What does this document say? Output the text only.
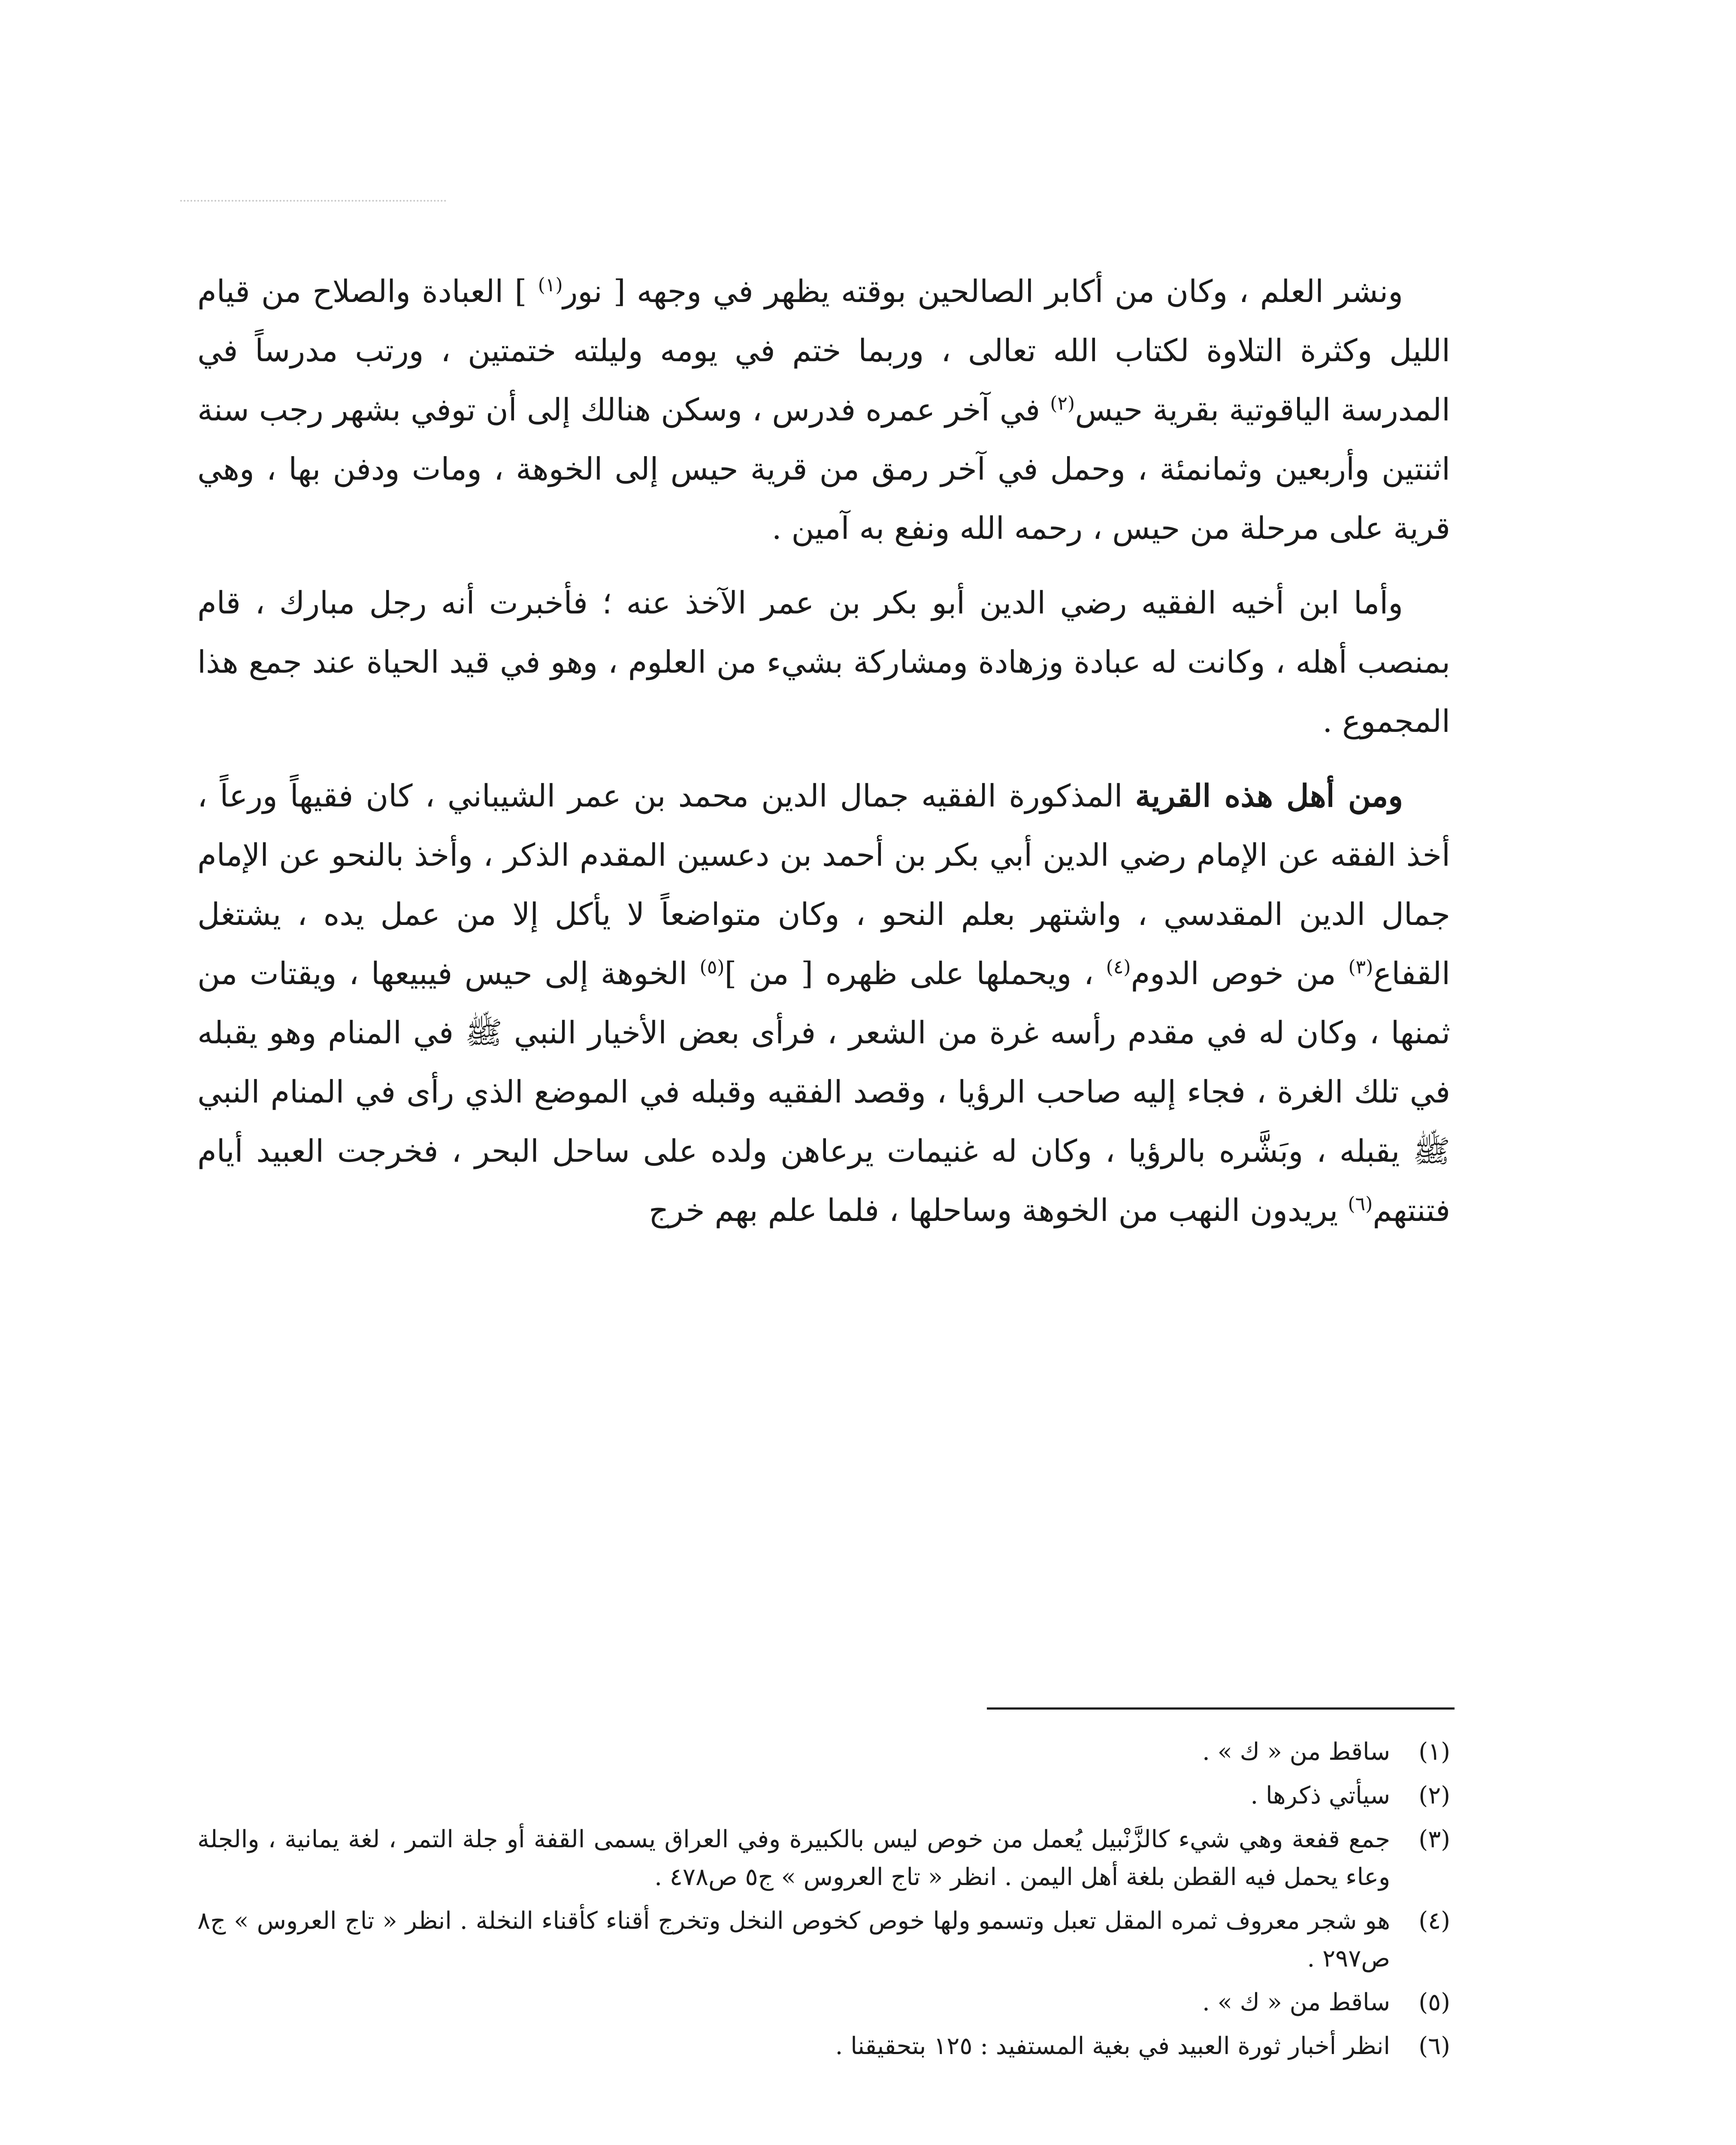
ونشر العلم ، وكان من أكابر الصالحين بوقته يظهر في وجهه [ نور$^{(١)}$ ] العبادة والصلاح من قيام الليل وكثرة التلاوة لكتاب الله تعالى ، وربما ختم في يومه وليلته ختمتين ، ورتب مدرساً في المدرسة الياقوتية بقرية حيس$^{(٢)}$ في آخر عمره فدرس ، وسكن هنالك إلى أن توفي بشهر رجب سنة اثنتين وأربعين وثمانمئة ، وحمل في آخر رمق من قرية حيس إلى الخوهة ، ومات ودفن بها ، وهي قرية على مرحلة من حيس ، رحمه الله ونفع به آمين .

وأما ابن أخيه الفقيه رضي الدين أبو بكر بن عمر الآخذ عنه ؛ فأخبرت أنه رجل مبارك ، قام بمنصب أهله ، وكانت له عبادة وزهادة ومشاركة بشيء من العلوم ، وهو في قيد الحياة عند جمع هذا المجموع .

ومن أهل هذه القرية المذكورة الفقيه جمال الدين محمد بن عمر الشيباني ، كان فقيهاً ورعاً ، أخذ الفقه عن الإمام رضي الدين أبي بكر بن أحمد بن دعسين المقدم الذكر ، وأخذ بالنحو عن الإمام جمال الدين المقدسي ، واشتهر بعلم النحو ، وكان متواضعاً لا يأكل إلا من عمل يده ، يشتغل القفاع$^{(٣)}$ من خوص الدوم$^{(٤)}$ ، ويحملها على ظهره [ من ]$^{(٥)}$ الخوهة إلى حيس فيبيعها ، ويقتات من ثمنها ، وكان له في مقدم رأسه غرة من الشعر ، فرأى بعض الأخيار النبي ﷺ في المنام وهو يقبله في تلك الغرة ، فجاء إليه صاحب الرؤيا ، وقصد الفقيه وقبله في الموضع الذي رأى في المنام النبي ﷺ يقبله ، وبَشَّره بالرؤيا ، وكان له غنيمات يرعاهن ولده على ساحل البحر ، فخرجت العبيد أيام فتنتهم$^{(٦)}$ يريدون النهب من الخوهة وساحلها ، فلما علم بهم خرج

(١)
ساقط من « ك » .
(٢)
سيأتي ذكرها .
(٣)
جمع قفعة وهي شيء كالزَّنْبيل يُعمل من خوص ليس بالكبيرة وفي العراق يسمى القفة أو جلة التمر ، لغة يمانية ، والجلة وعاء يحمل فيه القطن بلغة أهل اليمن . انظر « تاج العروس » ج٥ ص٤٧٨ .
(٤)
هو شجر معروف ثمره المقل تعبل وتسمو ولها خوص كخوص النخل وتخرج أقناء كأقناء النخلة . انظر « تاج العروس » ج٨ ص٢٩٧ .
(٥)
ساقط من « ك » .
(٦)
انظر أخبار ثورة العبيد في بغية المستفيد : ١٢٥ بتحقيقنا .
